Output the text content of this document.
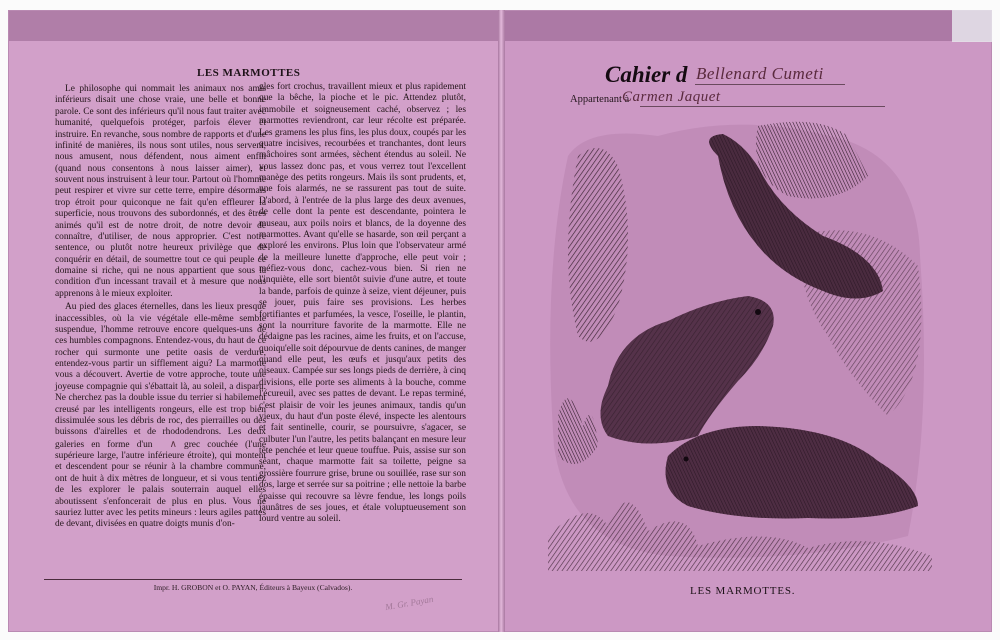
LES MARMOTTES

Le philosophe qui nommait les animaux nos amis inférieurs disait une chose vraie, une belle et bonne parole. Ce sont des inférieurs qu'il nous faut traiter avec humanité, quelquefois protéger, parfois élever et instruire. En revanche, sous nombre de rapports et d'une infinité de manières, ils nous sont utiles, nous servent, nous amusent, nous défendent, nous aiment enfin (quand nous consentons à nous laisser aimer), et souvent nous instruisent à leur tour. Partout où l'homme peut respirer et vivre sur cette terre, empire désormais trop étroit pour quiconque ne fait qu'en effleurer la superficie, nous trouvons des subordonnés, et des êtres animés qu'il est de notre droit, de notre devoir de connaître, d'utiliser, de nous approprier. C'est notre sentence, ou plutôt notre heureux privilège que de conquérir en détail, de soumettre tout ce qui peuple ce domaine si riche, qui ne nous appartient que sous la condition d'un incessant travail et à mesure que nous apprenons à le mieux exploiter.

Au pied des glaces éternelles, dans les lieux presque inaccessibles, où la vie végétale elle-même semble suspendue, l'homme retrouve encore quelques-uns de ces humbles compagnons. Entendez-vous, du haut de ce rocher qui surmonte une petite oasis de verdure, entendez-vous partir un sifflement aigu? La marmotte vous a découvert. Avertie de votre approche, toute une joyeuse compagnie qui s'ébattait là, au soleil, a disparu. Ne cherchez pas la double issue du terrier si habilement creusé par les intelligents rongeurs, elle est trop bien dissimulée sous les débris de roc, des pierrailles ou des buissons d'airelles et de rhododendrons. Les deux galeries en forme d'un ∧ grec couchée (l'une supérieure large, l'autre inférieure étroite), qui montent et descendent pour se réunir à la chambre commune, ont de huit à dix mètres de longueur, et si vous tentiez de les explorer le palais souterrain auquel elles aboutissent s'enfoncerait de plus en plus. Vous ne sauriez lutter avec les petits mineurs : leurs agiles pattes de devant, divisées en quatre doigts munis d'on-

gles fort crochus, travaillent mieux et plus rapidement que la bêche, la pioche et le pic. Attendez plutôt, immobile et soigneusement caché, observez ; les marmottes reviendront, car leur récolte est préparée. Les gramens les plus fins, les plus doux, coupés par les quatre incisives, recourbées et tranchantes, dont leurs mâchoires sont armées, sèchent étendus au soleil. Ne vous lassez donc pas, et vous verrez tout l'excellent manège des petits rongeurs. Mais ils sont prudents, et, une fois alarmés, ne se rassurent pas tout de suite. D'abord, à l'entrée de la plus large des deux avenues, de celle dont la pente est descendante, pointera le museau, aux poils noirs et blancs, de la doyenne des marmottes. Avant qu'elle se hasarde, son œil perçant a exploré les environs. Plus loin que l'observateur armé de la meilleure lunette d'approche, elle peut voir ; méfiez-vous donc, cachez-vous bien. Si rien ne l'inquiète, elle sort bientôt suivie d'une autre, et toute la bande, parfois de quinze à seize, vient déjeuner, puis se jouer, puis faire ses provisions. Les herbes fortifiantes et parfumées, la vesce, l'oseille, le plantin, sont la nourriture favorite de la marmotte. Elle ne dédaigne pas les racines, aime les fruits, et on l'accuse, quoiqu'elle soit dépourvue de dents canines, de manger quand elle peut, les œufs et jusqu'aux petits des oiseaux. Campée sur ses longs pieds de derrière, à cinq divisions, elle porte ses aliments à la bouche, comme l'écureuil, avec ses pattes de devant. Le repas terminé, c'est plaisir de voir les jeunes animaux, tandis qu'un vieux, du haut d'un poste élevé, inspecte les alentours et fait sentinelle, courir, se poursuivre, s'agacer, se culbuter l'un l'autre, les petits balançant en mesure leur tête penchée et leur queue touffue. Puis, assise sur son séant, chaque marmotte fait sa toilette, peigne sa grossière fourrure grise, brune ou souillée, rase sur son dos, large et serrée sur sa poitrine ; elle nettoie la barbe épaisse qui recouvre sa lèvre fendue, les longs poils jaunâtres de ses joues, et étale voluptueusement son lourd ventre au soleil.

Impr. H. GROBON et O. PAYAN, Éditeurs à Bayeux (Calvados).
M. Gr. Payan
Cahier d Bellenard Cumeti
Appartenant à
Carmen Jaquet
LES MARMOTTES.
